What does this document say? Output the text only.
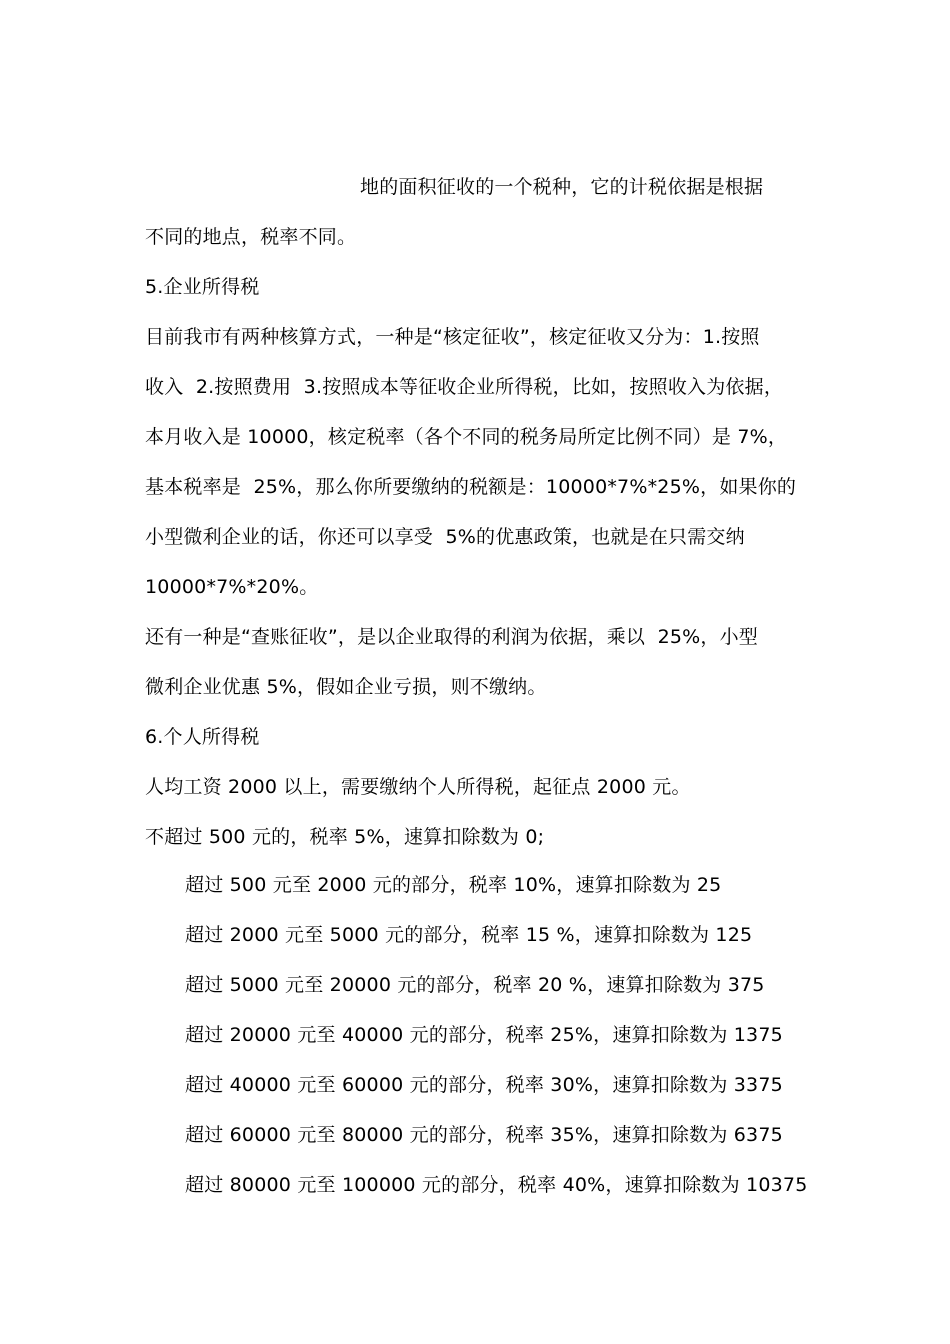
地的面积征收的一个税种，它的计税依据是根据
不同的地点，税率不同。
5.企业所得税
目前我市有两种核算方式，一种是“核定征收”，核定征收又分为：1.按照
收入  2.按照费用  3.按照成本等征收企业所得税，比如，按照收入为依据，
本月收入是 10000，核定税率（各个不同的税务局所定比例不同）是 7%，
基本税率是  25%，那么你所要缴纳的税额是：10000*7%*25%，如果你的
小型微利企业的话，你还可以享受  5%的优惠政策，也就是在只需交纳
10000*7%*20%。
还有一种是“查账征收”，是以企业取得的利润为依据，乘以  25%，小型
微利企业优惠 5%，假如企业亏损，则不缴纳。
6.个人所得税
人均工资 2000 以上，需要缴纳个人所得税，起征点 2000 元。
不超过 500 元的，税率 5%，速算扣除数为 0;
超过 500 元至 2000 元的部分，税率 10%，速算扣除数为 25
超过 2000 元至 5000 元的部分，税率 15 %，速算扣除数为 125
超过 5000 元至 20000 元的部分，税率 20 %，速算扣除数为 375
超过 20000 元至 40000 元的部分，税率 25%，速算扣除数为 1375
超过 40000 元至 60000 元的部分，税率 30%，速算扣除数为 3375
超过 60000 元至 80000 元的部分，税率 35%，速算扣除数为 6375
超过 80000 元至 100000 元的部分，税率 40%，速算扣除数为 10375
